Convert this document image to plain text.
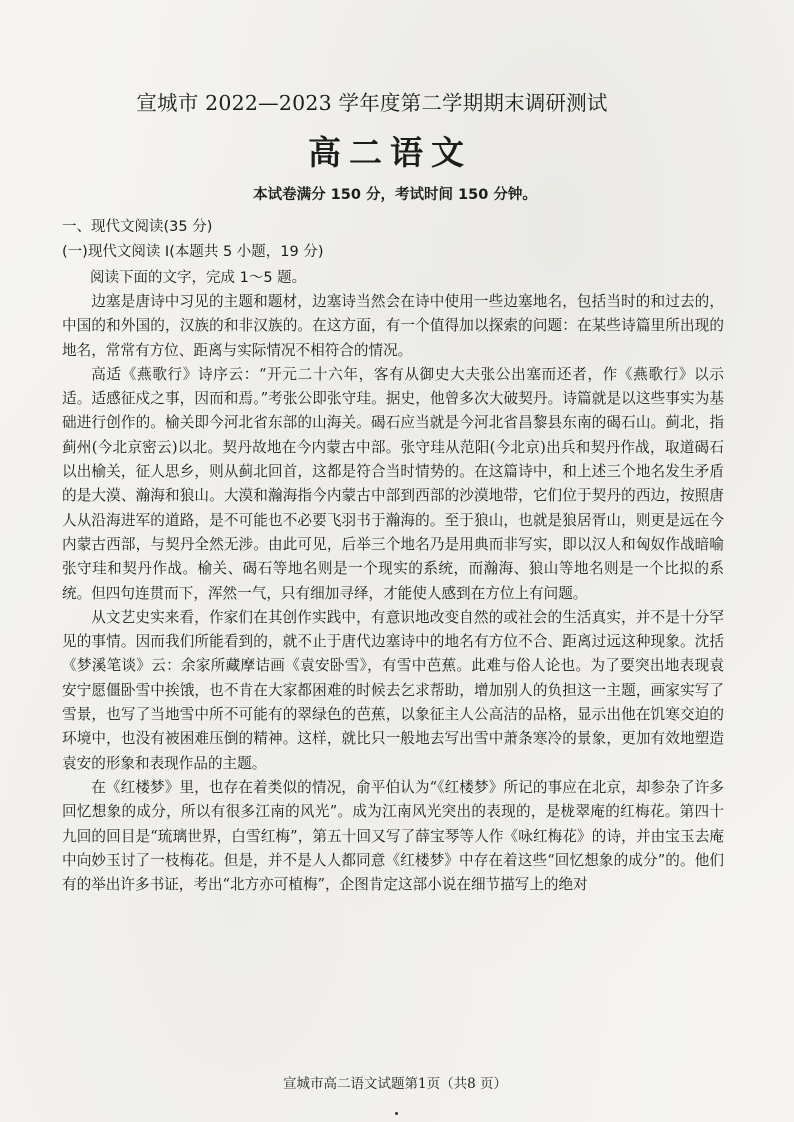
宣城市 2022—2023 学年度第二学期期末调研测试
高二语文
本试卷满分 150 分，考试时间 150 分钟。
一、现代文阅读(35 分)
(一)现代文阅读 I(本题共 5 小题，19 分)
阅读下面的文字，完成 1～5 题。

边塞是唐诗中习见的主题和题材，边塞诗当然会在诗中使用一些边塞地名，包括当时的和过去的，中国的和外国的，汉族的和非汉族的。在这方面，有一个值得加以探索的问题：在某些诗篇里所出现的地名，常常有方位、距离与实际情况不相符合的情况。

高适《燕歌行》诗序云：“开元二十六年，客有从御史大夫张公出塞而还者，作《燕歌行》以示适。适感征戍之事，因而和焉。”考张公即张守珪。据史，他曾多次大破契丹。诗篇就是以这些事实为基础进行创作的。榆关即今河北省东部的山海关。碣石应当就是今河北省昌黎县东南的碣石山。蓟北，指蓟州(今北京密云)以北。契丹故地在今内蒙古中部。张守珪从范阳(今北京)出兵和契丹作战，取道碣石以出榆关，征人思乡，则从蓟北回首，这都是符合当时情势的。在这篇诗中，和上述三个地名发生矛盾的是大漠、瀚海和狼山。大漠和瀚海指今内蒙古中部到西部的沙漠地带，它们位于契丹的西边，按照唐人从沿海进军的道路，是不可能也不必要飞羽书于瀚海的。至于狼山，也就是狼居胥山，则更是远在今内蒙古西部，与契丹全然无涉。由此可见，后举三个地名乃是用典而非写实，即以汉人和匈奴作战暗喻张守珪和契丹作战。榆关、碣石等地名则是一个现实的系统，而瀚海、狼山等地名则是一个比拟的系统。但四句连贯而下，浑然一气，只有细加寻绎，才能使人感到在方位上有问题。

从文艺史实来看，作家们在其创作实践中，有意识地改变自然的或社会的生活真实，并不是十分罕见的事情。因而我们所能看到的，就不止于唐代边塞诗中的地名有方位不合、距离过远这种现象。沈括《梦溪笔谈》云：余家所藏摩诘画《袁安卧雪》，有雪中芭蕉。此难与俗人论也。为了要突出地表现袁安宁愿僵卧雪中挨饿，也不肯在大家都困难的时候去乞求帮助，增加别人的负担这一主题，画家实写了雪景，也写了当地雪中所不可能有的翠绿色的芭蕉，以象征主人公高洁的品格，显示出他在饥寒交迫的环境中，也没有被困难压倒的精神。这样，就比只一般地去写出雪中萧条寒冷的景象，更加有效地塑造袁安的形象和表现作品的主题。

在《红楼梦》里，也存在着类似的情况，俞平伯认为“《红楼梦》所记的事应在北京，却参杂了许多回忆想象的成分，所以有很多江南的风光”。成为江南风光突出的表现的，是栊翠庵的红梅花。第四十九回的回目是“琉璃世界，白雪红梅”，第五十回又写了薛宝琴等人作《咏红梅花》的诗，并由宝玉去庵中向妙玉讨了一枝梅花。但是，并不是人人都同意《红楼梦》中存在着这些“回忆想象的成分”的。他们有的举出许多书证，考出“北方亦可植梅”，企图肯定这部小说在细节描写上的绝对

宣城市高二语文试题第1页（共8 页）
